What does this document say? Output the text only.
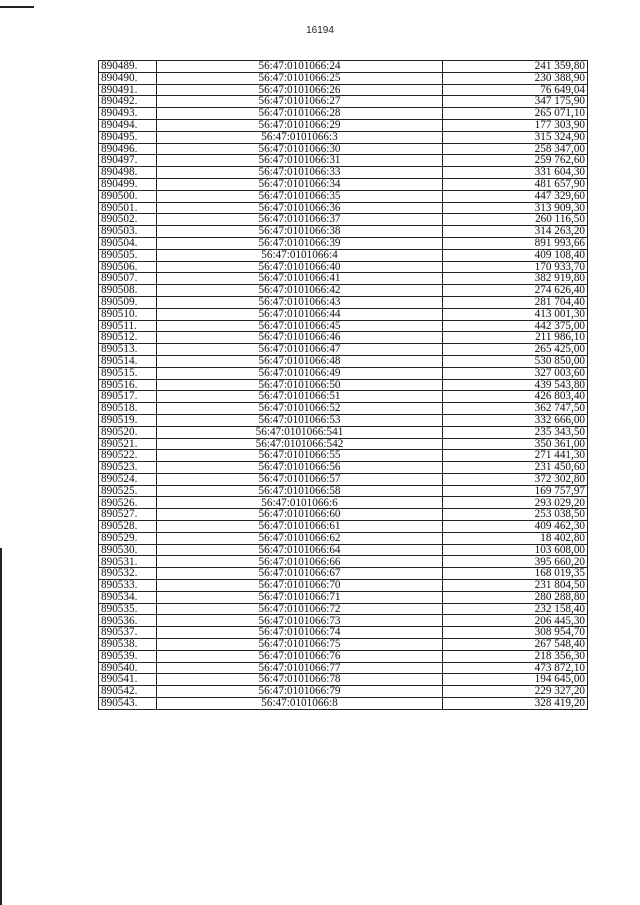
16194
890489.	56:47:0101066:24	241 359,80
890490.	56:47:0101066:25	230 388,90
890491.	56:47:0101066:26	76 649,04
890492.	56:47:0101066:27	347 175,90
890493.	56:47:0101066:28	265 071,10
890494.	56:47:0101066:29	177 303,90
890495.	56:47:0101066:3	315 324,90
890496.	56:47:0101066:30	258 347,00
890497.	56:47:0101066:31	259 762,60
890498.	56:47:0101066:33	331 604,30
890499.	56:47:0101066:34	481 657,90
890500.	56:47:0101066:35	447 329,60
890501.	56:47:0101066:36	313 909,30
890502.	56:47:0101066:37	260 116,50
890503.	56:47:0101066:38	314 263,20
890504.	56:47:0101066:39	891 993,66
890505.	56:47:0101066:4	409 108,40
890506.	56:47:0101066:40	170 933,70
890507.	56:47:0101066:41	382 919,80
890508.	56:47:0101066:42	274 626,40
890509.	56:47:0101066:43	281 704,40
890510.	56:47:0101066:44	413 001,30
890511.	56:47:0101066:45	442 375,00
890512.	56:47:0101066:46	211 986,10
890513.	56:47:0101066:47	265 425,00
890514.	56:47:0101066:48	530 850,00
890515.	56:47:0101066:49	327 003,60
890516.	56:47:0101066:50	439 543,80
890517.	56:47:0101066:51	426 803,40
890518.	56:47:0101066:52	362 747,50
890519.	56:47:0101066:53	332 666,00
890520.	56:47:0101066:541	235 343,50
890521.	56:47:0101066:542	350 361,00
890522.	56:47:0101066:55	271 441,30
890523.	56:47:0101066:56	231 450,60
890524.	56:47:0101066:57	372 302,80
890525.	56:47:0101066:58	169 757,97
890526.	56:47:0101066:6	293 029,20
890527.	56:47:0101066:60	253 038,50
890528.	56:47:0101066:61	409 462,30
890529.	56:47:0101066:62	18 402,80
890530.	56:47:0101066:64	103 608,00
890531.	56:47:0101066:66	395 660,20
890532.	56:47:0101066:67	168 019,35
890533.	56:47:0101066:70	231 804,50
890534.	56:47:0101066:71	280 288,80
890535.	56:47:0101066:72	232 158,40
890536.	56:47:0101066:73	206 445,30
890537.	56:47:0101066:74	308 954,70
890538.	56:47:0101066:75	267 548,40
890539.	56:47:0101066:76	218 356,30
890540.	56:47:0101066:77	473 872,10
890541.	56:47:0101066:78	194 645,00
890542.	56:47:0101066:79	229 327,20
890543.	56:47:0101066:8	328 419,20
